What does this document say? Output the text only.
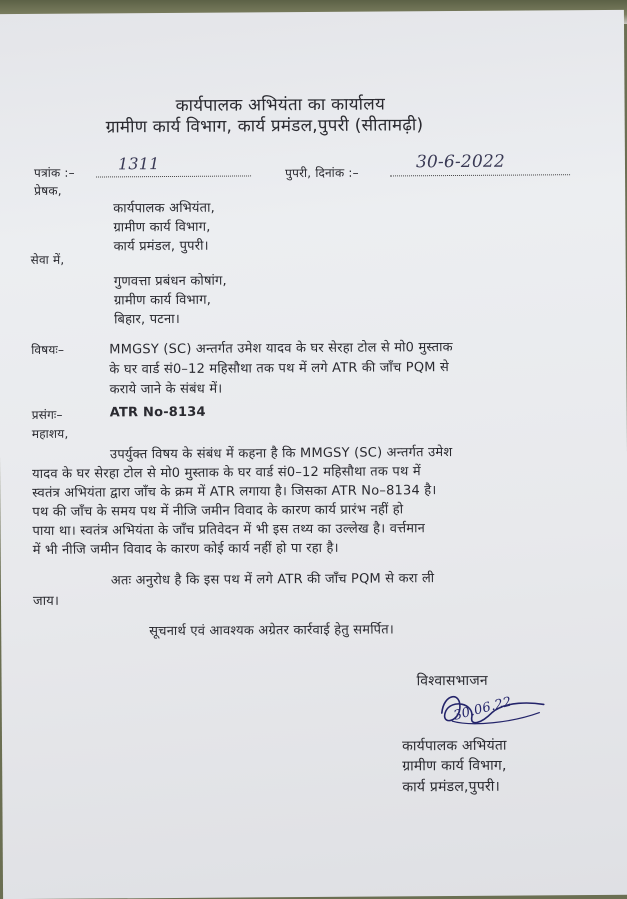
कार्यपालक अभियंता का कार्यालय
ग्रामीण कार्य विभाग, कार्य प्रमंडल,पुपरी (सीतामढ़ी)
पत्रांक :–	1311	पुपरी, दिनांक :–
30-6-2022
प्रेषक,
कार्यपालक अभियंता,
ग्रामीण कार्य विभाग,
कार्य प्रमंडल, पुपरी।
सेवा में,
गुणवत्ता प्रबंधन कोषांग,
ग्रामीण कार्य विभाग,
बिहार, पटना।
विषयः–	MMGSY (SC) अन्तर्गत उमेश यादव के घर सेरहा टोल से मो0 मुस्ताक
के घर वार्ड सं0–12 महिसौथा तक पथ में लगे ATR की जाँच PQM से
कराये जाने के संबंध में।
प्रसंगः–	ATR No-8134
महाशय,
उपर्युक्त विषय के संबंध में कहना है कि MMGSY (SC) अन्तर्गत उमेश
यादव के घर सेरहा टोल से मो0 मुस्ताक के घर वार्ड सं0–12 महिसौथा तक पथ में
स्वतंत्र अभियंता द्वारा जाँच के क्रम में ATR लगाया है। जिसका ATR No–8134 है।
पथ की जाँच के समय पथ में नीजि जमीन विवाद के कारण कार्य प्रारंभ नहीं हो
पाया था। स्वतंत्र अभियंता के जाँच प्रतिवेदन में भी इस तथ्य का उल्लेख है। वर्त्तमान
में भी नीजि जमीन विवाद के कारण कोई कार्य नहीं हो पा रहा है।
अतः अनुरोध है कि इस पथ में लगे ATR की जाँच PQM से करा ली
जाय।
सूचनार्थ एवं आवश्यक अग्रेतर कार्रवाई हेतु समर्पित।
विश्वासभाजन
30.06.22
कार्यपालक अभियंता
ग्रामीण कार्य विभाग,
कार्य प्रमंडल,पुपरी।
